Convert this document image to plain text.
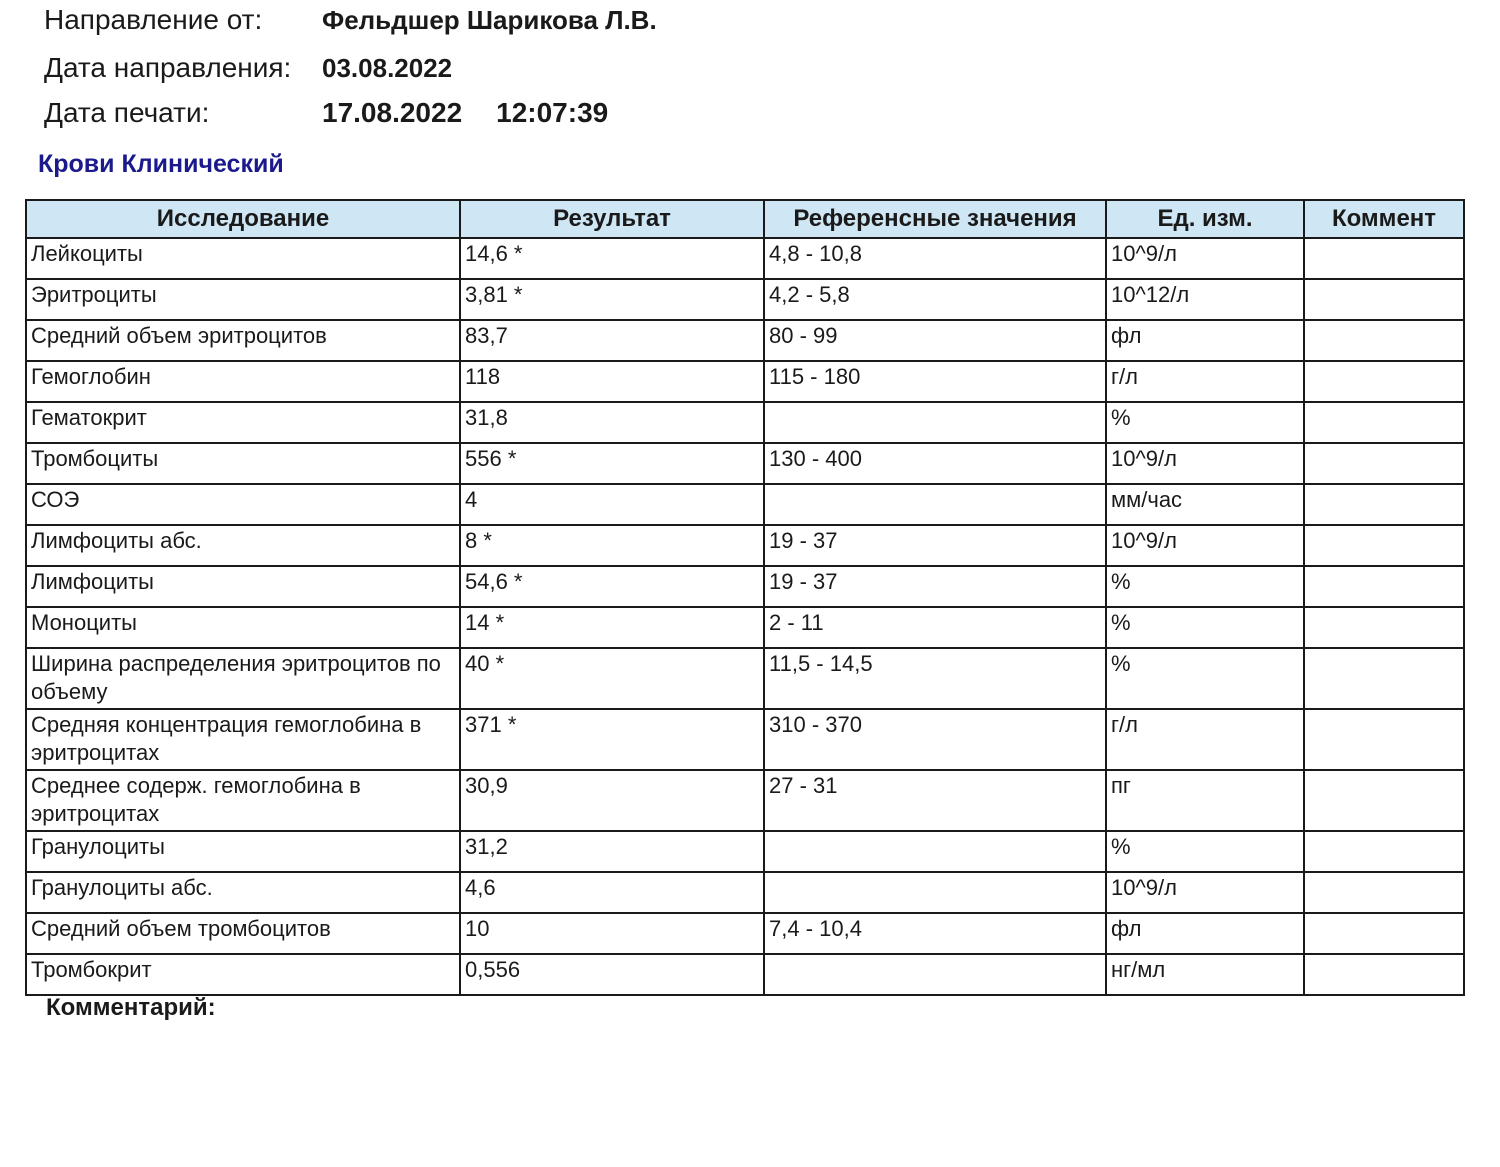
Направление от:	Фельдшер Шарикова Л.В.
Дата направления:	03.08.2022
Дата печати:	17.08.2022 12:07:39
Крови Клинический
Исследование	Результат	Референсные значения	Ед. изм.	Коммент
Лейкоциты	14,6 *	4,8 - 10,8	10^9/л	
Эритроциты	3,81 *	4,2 - 5,8	10^12/л	
Средний объем эритроцитов	83,7	80 - 99	фл	
Гемоглобин	118	115 - 180	г/л	
Гематокрит	31,8		%	
Тромбоциты	556 *	130 - 400	10^9/л	
СОЭ	4		мм/час	
Лимфоциты абс.	8 *	19 - 37	10^9/л	
Лимфоциты	54,6 *	19 - 37	%	
Моноциты	14 *	2 - 11	%	
Ширина распределения эритроцитов по объему	40 *	11,5 - 14,5	%	
Средняя концентрация гемоглобина в эритроцитах	371 *	310 - 370	г/л	
Среднее содерж. гемоглобина в эритроцитах	30,9	27 - 31	пг	
Гранулоциты	31,2		%	
Гранулоциты абс.	4,6		10^9/л	
Средний объем тромбоцитов	10	7,4 - 10,4	фл	
Тромбокрит	0,556		нг/мл	
Комментарий:
